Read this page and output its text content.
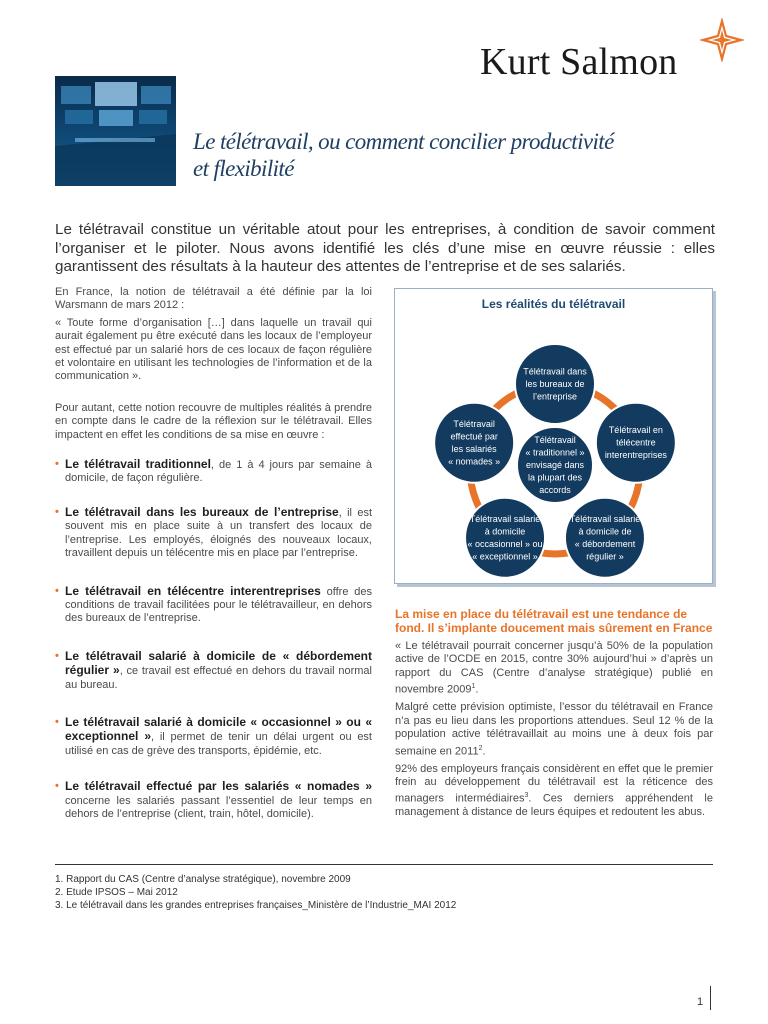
Kurt Salmon
Le télétravail, ou comment concilier productivité
et flexibilité
Le télétravail constitue un véritable atout pour les entreprises, à condition de savoir comment l’organiser et le piloter. Nous avons identifié les clés d’une mise en œuvre réussie : elles garantissent des résultats à la hauteur des attentes de l’entreprise et de ses salariés.

En France, la notion de télétravail a été définie par la loi Warsmann de mars 2012 :

« Toute forme d’organisation […] dans laquelle un travail qui aurait également pu être exécuté dans les locaux de l’employeur est effectué par un salarié hors de ces locaux de façon régulière et volontaire en utilisant les technologies de l’information et de la communication ».

Pour autant, cette notion recouvre de multiples réalités à prendre en compte dans le cadre de la réflexion sur le télétravail. Elles impactent en effet les conditions de sa mise en œuvre :

• Le télétravail traditionnel, de 1 à 4 jours par semaine à domicile, de façon régulière.
• Le télétravail dans les bureaux de l’entreprise, il est souvent mis en place suite à un transfert des locaux de l’entreprise. Les employés, éloignés des nouveaux locaux, travaillent depuis un télécentre mis en place par l’entreprise.
• Le télétravail en télécentre interentreprises offre des conditions de travail facilitées pour le télétravailleur, en dehors des bureaux de l’entreprise.
• Le télétravail salarié à domicile de « débordement régulier », ce travail est effectué en dehors du travail normal au bureau.
• Le télétravail salarié à domicile « occasionnel » ou « exceptionnel », il permet de tenir un délai urgent ou est utilisé en cas de grève des transports, épidémie, etc.
• Le télétravail effectué par les salariés « nomades » concerne les salariés passant l’essentiel de leur temps en dehors de l’entreprise (client, train, hôtel, domicile).
Les réalités du télétravail
Télétravail
« traditionnel »
envisagé dans
la plupart des
accords
Télétravail dans
les bureaux de
l’entreprise
Télétravail en
télécentre
interentreprises
Télétravail salarié
à domicile de
« débordement
régulier »
Télétravail salarié
à domicile
« occasionnel » ou
« exceptionnel »
Télétravail
effectué par
les salariés
« nomades »
La mise en place du télétravail est une tendance de fond. Il s’implante doucement mais sûrement en France

« Le télétravail pourrait concerner jusqu’à 50% de la population active de l’OCDE en 2015, contre 30% aujourd’hui » d’après un rapport du CAS (Centre d’analyse stratégique) publié en novembre 2009$^1$.

Malgré cette prévision optimiste, l’essor du télétravail en France n’a pas eu lieu dans les proportions attendues. Seul 12 % de la population active télétravaillait au moins une à deux fois par semaine en 2011$^2$.

92% des employeurs français considèrent en effet que le premier frein au développement du télétravail est la réticence des managers intermédiaires$^3$. Ces derniers appréhendent le management à distance de leurs équipes et redoutent les abus.

1. Rapport du CAS (Centre d’analyse stratégique), novembre 2009
2. Etude IPSOS – Mai 2012
3. Le télétravail dans les grandes entreprises françaises_Ministère de l’Industrie_MAI 2012
1
